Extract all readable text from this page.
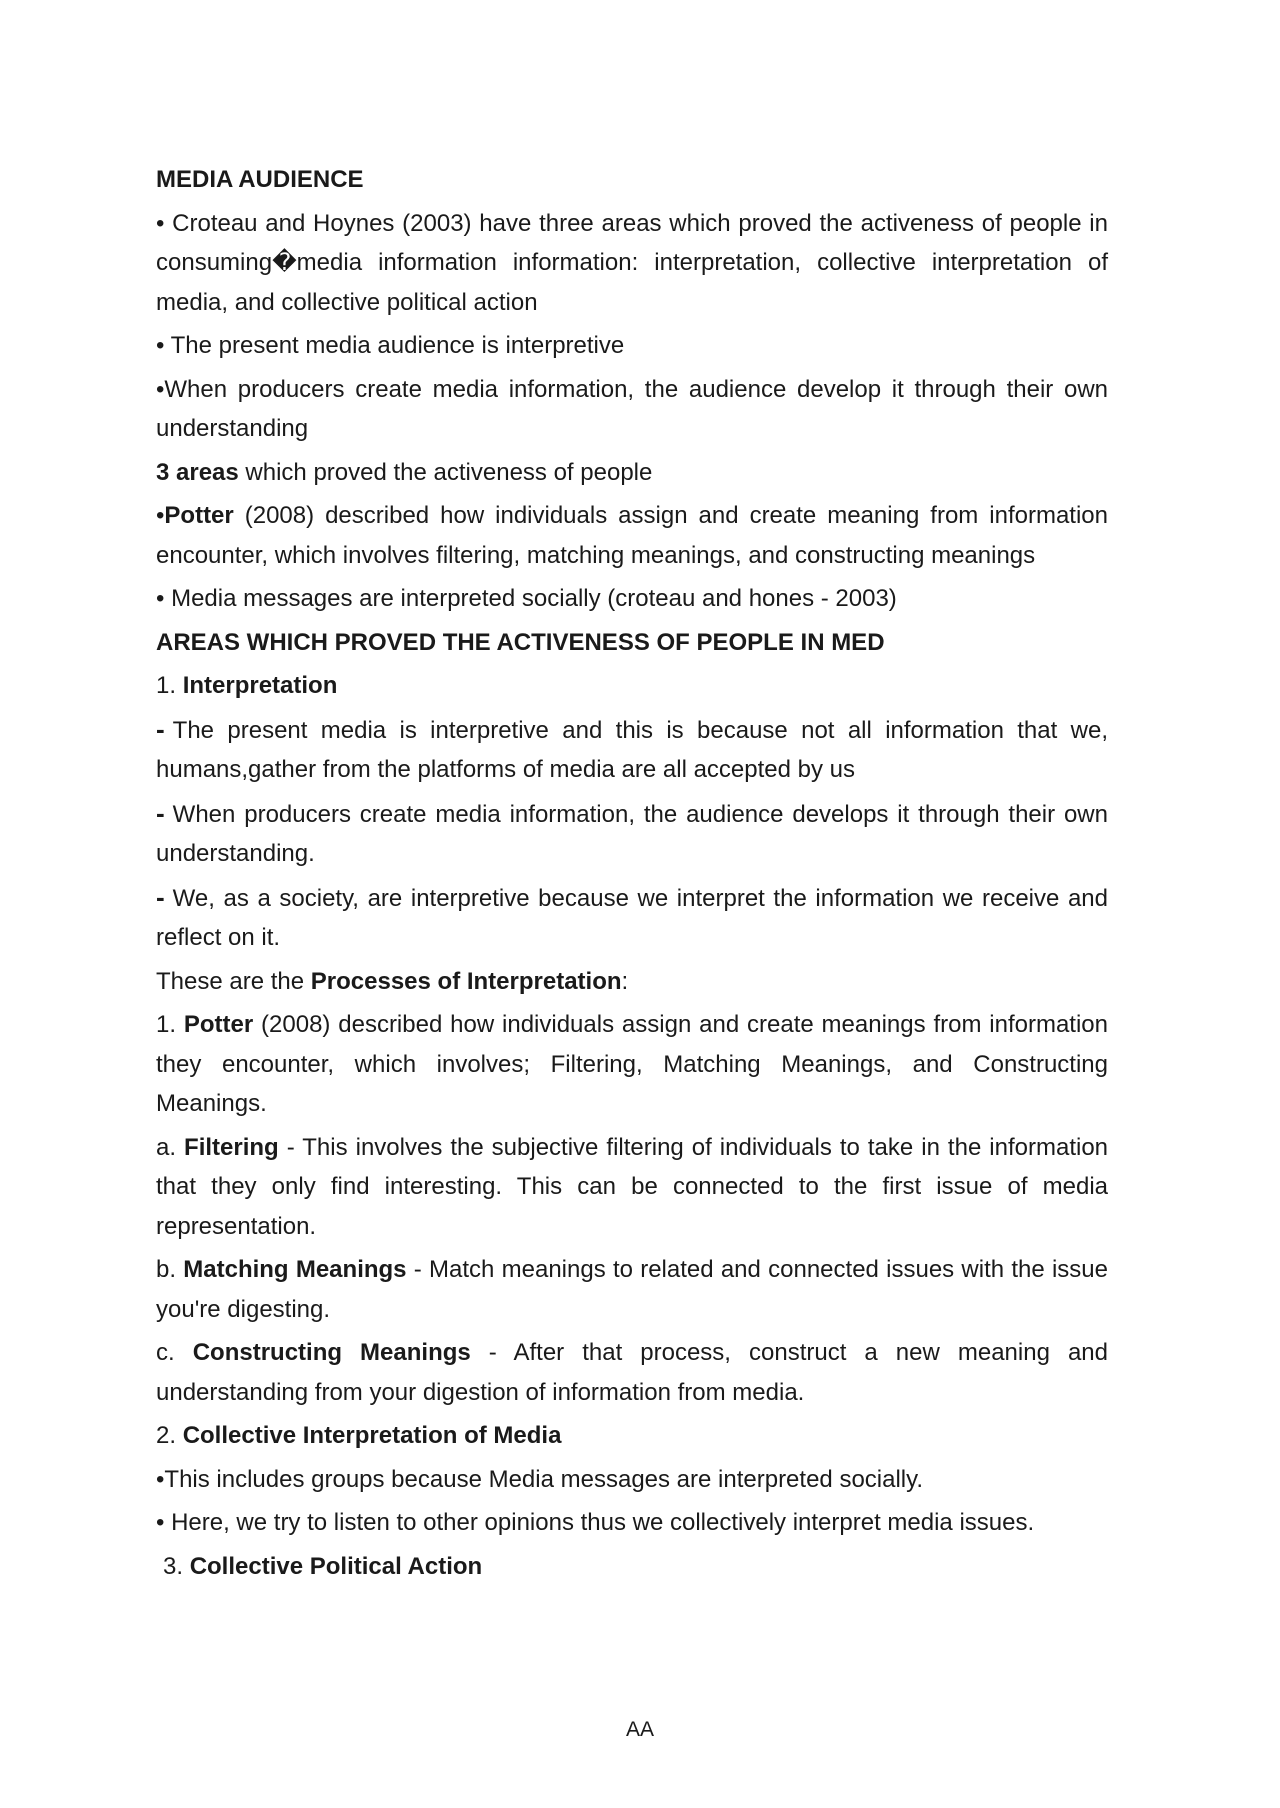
MEDIA AUDIENCE

• Croteau and Hoynes (2003) have three areas which proved the activeness of people in consuming�media information information: interpretation, collective interpretation of media, and collective political action

• The present media audience is interpretive

•When producers create media information, the audience develop it through their own understanding

3 areas which proved the activeness of people

•Potter (2008) described how individuals assign and create meaning from information encounter, which involves filtering, matching meanings, and constructing meanings

• Media messages are interpreted socially (croteau and hones - 2003)

AREAS WHICH PROVED THE ACTIVENESS OF PEOPLE IN MED

1. Interpretation

- The present media is interpretive and this is because not all information that we, humans,gather from the platforms of media are all accepted by us

- When producers create media information, the audience develops it through their own understanding.

- We, as a society, are interpretive because we interpret the information we receive and reflect on it.

These are the Processes of Interpretation:

1. Potter (2008) described how individuals assign and create meanings from information they encounter, which involves; Filtering, Matching Meanings, and Constructing Meanings.

a. Filtering - This involves the subjective filtering of individuals to take in the information that they only find interesting. This can be connected to the first issue of media representation.

b. Matching Meanings - Match meanings to related and connected issues with the issue you're digesting.

c. Constructing Meanings - After that process, construct a new meaning and understanding from your digestion of information from media.

2. Collective Interpretation of Media

•This includes groups because Media messages are interpreted socially.

• Here, we try to listen to other opinions thus we collectively interpret media issues.

3. Collective Political Action

AA
